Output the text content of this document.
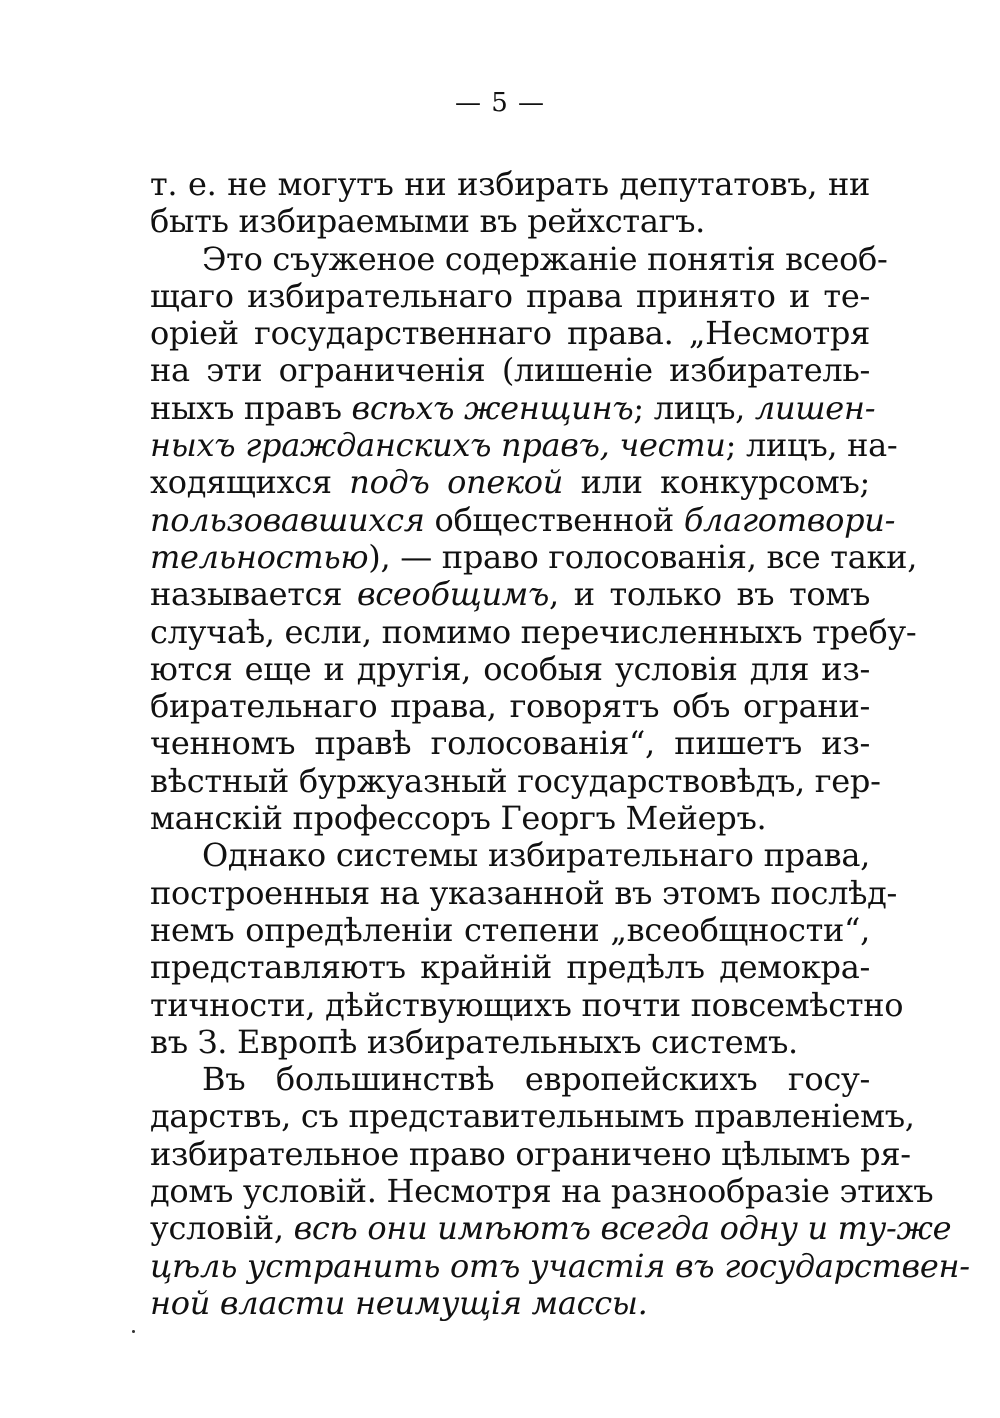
— 5 —
т. е. не могутъ ни избирать депутатовъ, ни
быть избираемыми въ рейхстагъ.
Это съуженое содержаніе понятія всеоб-
щаго избирательнаго права принято и те-
оріей государственнаго права. „Несмотря
на эти ограниченія (лишеніе избиратель-
ныхъ правъ всѣхъ женщинъ; лицъ, лишен-
ныхъ гражданскихъ правъ, чести; лицъ, на-
ходящихся подъ опекой или конкурсомъ;
пользовавшихся общественной благотвори-
тельностью), — право голосованія, все таки,
называется всеобщимъ, и только въ томъ
случаѣ, если, помимо перечисленныхъ требу-
ются еще и другія, особыя условія для из-
бирательнаго права, говорятъ объ ограни-
ченномъ правѣ голосованія“, пишетъ из-
вѣстный буржуазный государствовѣдъ, гер-
манскій профессоръ Георгъ Мейеръ.
Однако системы избирательнаго права,
построенныя на указанной въ этомъ послѣд-
немъ опредѣленіи степени „всеобщности“,
представляютъ крайній предѣлъ демокра-
тичности, дѣйствующихъ почти повсемѣстно
въ З. Европѣ избирательныхъ системъ.
Въ большинствѣ европейскихъ госу-
дарствъ, съ представительнымъ правленіемъ,
избирательное право ограничено цѣлымъ ря-
домъ условій. Несмотря на разнообразіе этихъ
условій, всѣ они имѣютъ всегда одну и ту-же
цѣль устранить отъ участія въ государствен-
ной власти неимущія массы.
